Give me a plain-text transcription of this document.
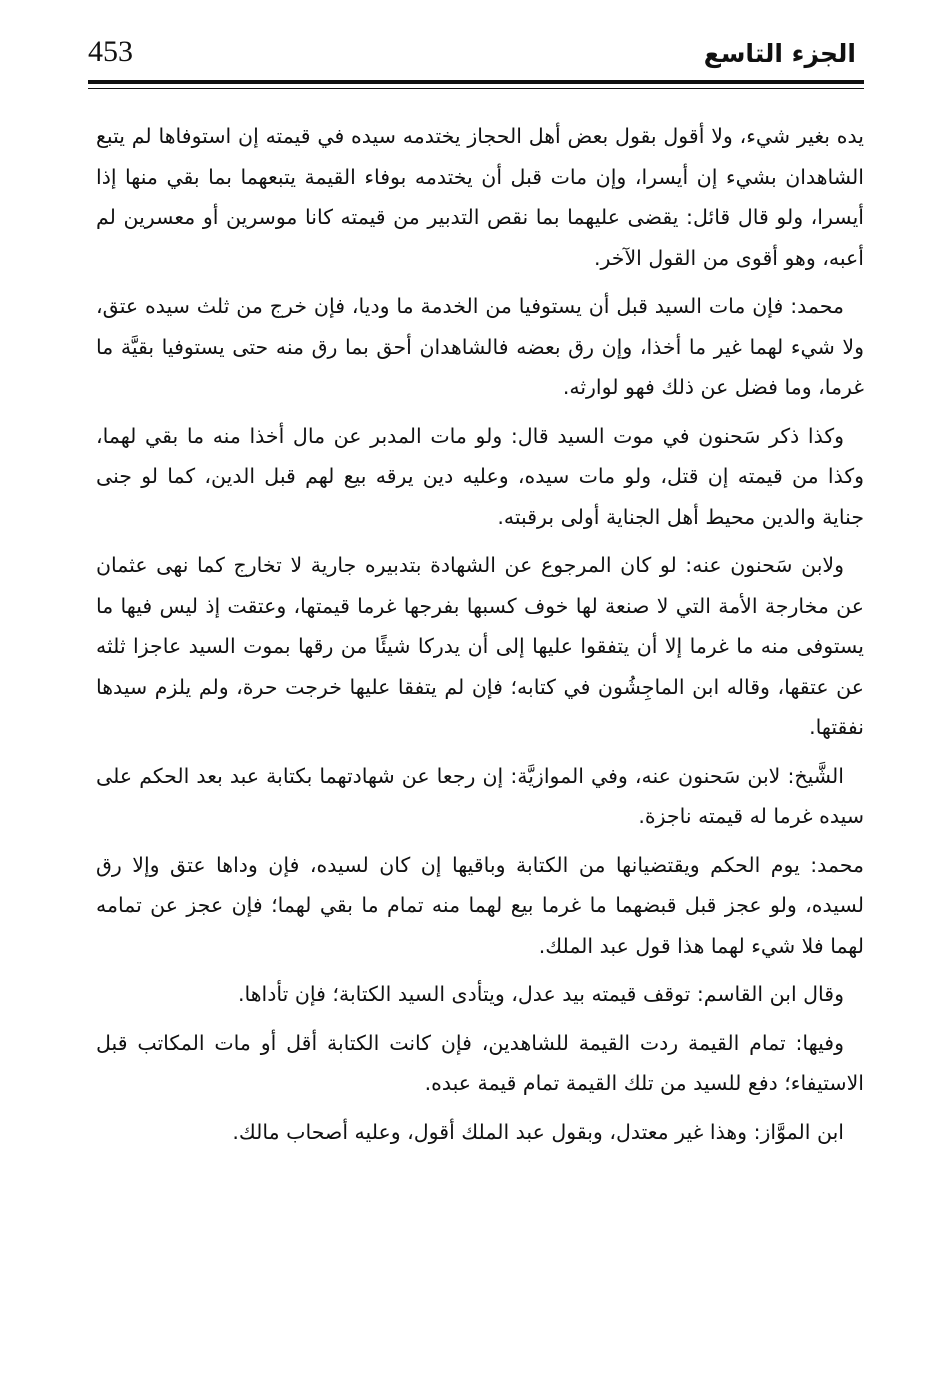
453	الجزء التاسع

يده بغير شيء، ولا أقول بقول بعض أهل الحجاز يختدمه سيده في قيمته إن استوفاها لم يتبع الشاهدان بشيء إن أيسرا، وإن مات قبل أن يختدمه بوفاء القيمة يتبعهما بما بقي منها إذا أيسرا، ولو قال قائل: يقضى عليهما بما نقص التدبير من قيمته كانا موسرين أو معسرين لم أعبه، وهو أقوى من القول الآخر.

محمد: فإن مات السيد قبل أن يستوفيا من الخدمة ما وديا، فإن خرج من ثلث سيده عتق، ولا شيء لهما غير ما أخذا، وإن رق بعضه فالشاهدان أحق بما رق منه حتى يستوفيا بقيَّة ما غرما، وما فضل عن ذلك فهو لوارثه.

وكذا ذكر سَحنون في موت السيد قال: ولو مات المدبر عن مال أخذا منه ما بقي لهما، وكذا من قيمته إن قتل، ولو مات سيده، وعليه دين يرقه بيع لهم قبل الدين، كما لو جنى جناية والدين محيط أهل الجناية أولى برقبته.

ولابن سَحنون عنه: لو كان المرجوع عن الشهادة بتدبيره جارية لا تخارج كما نهى عثمان عن مخارجة الأمة التي لا صنعة لها خوف كسبها بفرجها غرما قيمتها، وعتقت إذ ليس فيها ما يستوفى منه ما غرما إلا أن يتفقوا عليها إلى أن يدركا شيئًا من رقها بموت السيد عاجزا ثلثه عن عتقها، وقاله ابن الماجِشُون في كتابه؛ فإن لم يتفقا عليها خرجت حرة، ولم يلزم سيدها نفقتها.

الشَّيخ: لابن سَحنون عنه، وفي الموازيَّة: إن رجعا عن شهادتهما بكتابة عبد بعد الحكم على سيده غرما له قيمته ناجزة.

محمد: يوم الحكم ويقتضيانها من الكتابة وباقيها إن كان لسيده، فإن وداها عتق وإلا رق لسيده، ولو عجز قبل قبضهما ما غرما بيع لهما منه تمام ما بقي لهما؛ فإن عجز عن تمامه لهما فلا شيء لهما هذا قول عبد الملك.

وقال ابن القاسم: توقف قيمته بيد عدل، ويتأدى السيد الكتابة؛ فإن تأداها.

وفيها: تمام القيمة ردت القيمة للشاهدين، فإن كانت الكتابة أقل أو مات المكاتب قبل الاستيفاء؛ دفع للسيد من تلك القيمة تمام قيمة عبده.

ابن الموَّاز: وهذا غير معتدل، وبقول عبد الملك أقول، وعليه أصحاب مالك.
